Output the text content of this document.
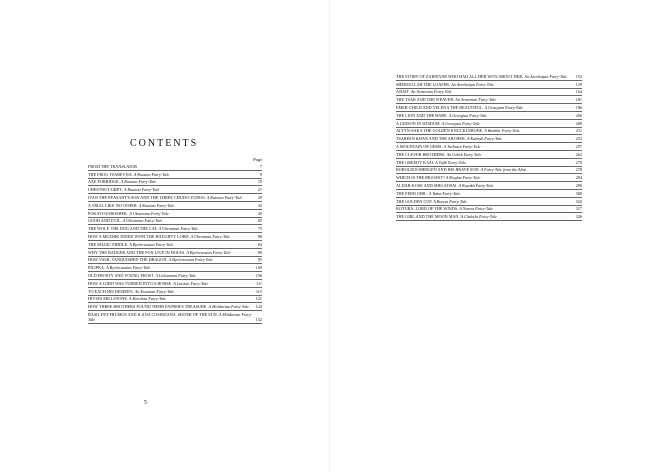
CONTENTS
Page
FROM THE TRANSLATOR	7
THE FROG TSAREVNA. A Russian Fairy-Tale	9
AXE PORRIDGE. A Russian Fairy-Tale	19
CHESTNUT-GREY. A Russian Fairy-Tale	21
IVAN THE PEASANT'S SON AND THE THREE CHUDO-YUDOS. A Russian Fairy-Tale	29
A TRIAL LIKE NO OTHER. A Russian Fairy-Tale	43
POKATI-GOROSHEK. A Ukrainian Fairy-Tale	45
GOOD AND EVIL. A Ukrainian Fairy-Tale	65
THE WOLF, THE DOG AND THE CAT. A Ukrainian Fairy-Tale	75
HOW A MUZHIK DINED WITH THE HAUGHTY LORD. A Ukrainian Fairy-Tale	80
THE MAGIC FIDDLE. A Byelorussian Fairy-Tale	84
WHY THE BADGER AND THE FOX LIVE IN HOLES. A Byelorussian Fairy-Tale	89
HOW VASIL VANQUISHED THE DRAGON. A Byelorussian Fairy-Tale	95
PILIPKA. A Byelorussian Fairy-Tale	100
OLD FROSTY AND YOUNG FROST. A Lithuanian Fairy-Tale	106
HOW A LORD WAS TURNED INTO A HORSE. A Latvian Fairy-Tale	111
TO EACH HIS DESERTS. An Estonian Fairy-Tale	115
HIYSI'S MILLSTONE. A Karelian Fairy-Tale	121
HOW THREE BROTHERS FOUND THEIR FATHER'S TREASURE. A Moldavian Fairy-Tale 124
BASIL FET-FRUMOS AND ILANA COSINZANA, SISTER OF THE SUN. A Moldavian Fairy-Tale	132
5
THE STORY OF ZARNIYAR WHO HAD ALL HER WITS ABOUT HER. An Azerbaijan Fairy-Tale 153
SHEIDULLAH THE LOAFER. An Azerbaijan Fairy-Tale	159
ANAIT. An Armenian Fairy-Tale	164
THE TSAR AND THE WEAVER. An Armenian Fairy-Tale	181
EMER-CHILD AND YELENA THE BEAUTIFUL. A Georgian Fairy-Tale	186
THE LION AND THE HARE. A Georgian Fairy-Tale	206
A LESSON IN WISDOM. A Georgian Fairy-Tale	209
ALTYN-SAKA THE GOLDEN KNUCKLEBONE. A Bashkir Fairy-Tale	211
TSAREEN KHAN AND THE ARCHER. A Kalmyk Fairy-Tale	253
A MOUNTAIN OF GEMS. A Turkmen Fairy-Tale	257
THE CLEVER BROTHERS. An Uzbek Fairy-Tale	263
THE GREEDY KAZI. A Tajik Fairy-Tale	270
BOROLDOI-MERGEN AND HIS BRAVE SON. A Fairy-Tale from the Altai	278
WHICH IS THE BIGGEST? A Kirghiz Fairy-Tale	284
ALDAR-KOSE AND SHIGAI-BAI. A Kazakh Fairy-Tale	290
THE FERN GIRL. A Yakut Fairy-Tale	300
THE GOLDEN CUP. A Buryat Fairy-Tale	310
KOTURA, LORD OF THE WINDS. A Nenets Fairy-Tale	317
THE GIRL AND THE MOON MAN. A Chukchi Fairy-Tale	326
